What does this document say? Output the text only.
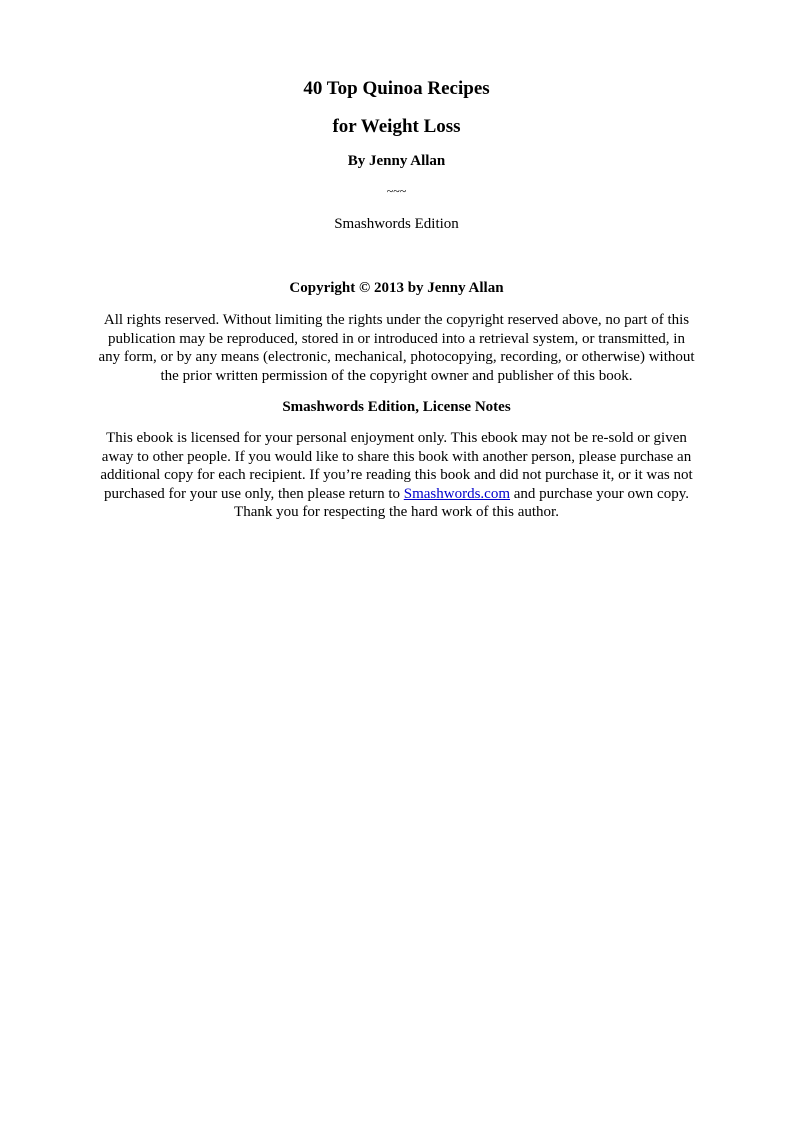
40 Top Quinoa Recipes
for Weight Loss
By Jenny Allan
~~~
Smashwords Edition
Copyright © 2013 by Jenny Allan
All rights reserved. Without limiting the rights under the copyright reserved above, no part of this
publication may be reproduced, stored in or introduced into a retrieval system, or transmitted, in
any form, or by any means (electronic, mechanical, photocopying, recording, or otherwise) without
the prior written permission of the copyright owner and publisher of this book.
Smashwords Edition, License Notes
This ebook is licensed for your personal enjoyment only. This ebook may not be re-sold or given
away to other people. If you would like to share this book with another person, please purchase an
additional copy for each recipient. If you’re reading this book and did not purchase it, or it was not
purchased for your use only, then please return to Smashwords.com and purchase your own copy.
Thank you for respecting the hard work of this author.
